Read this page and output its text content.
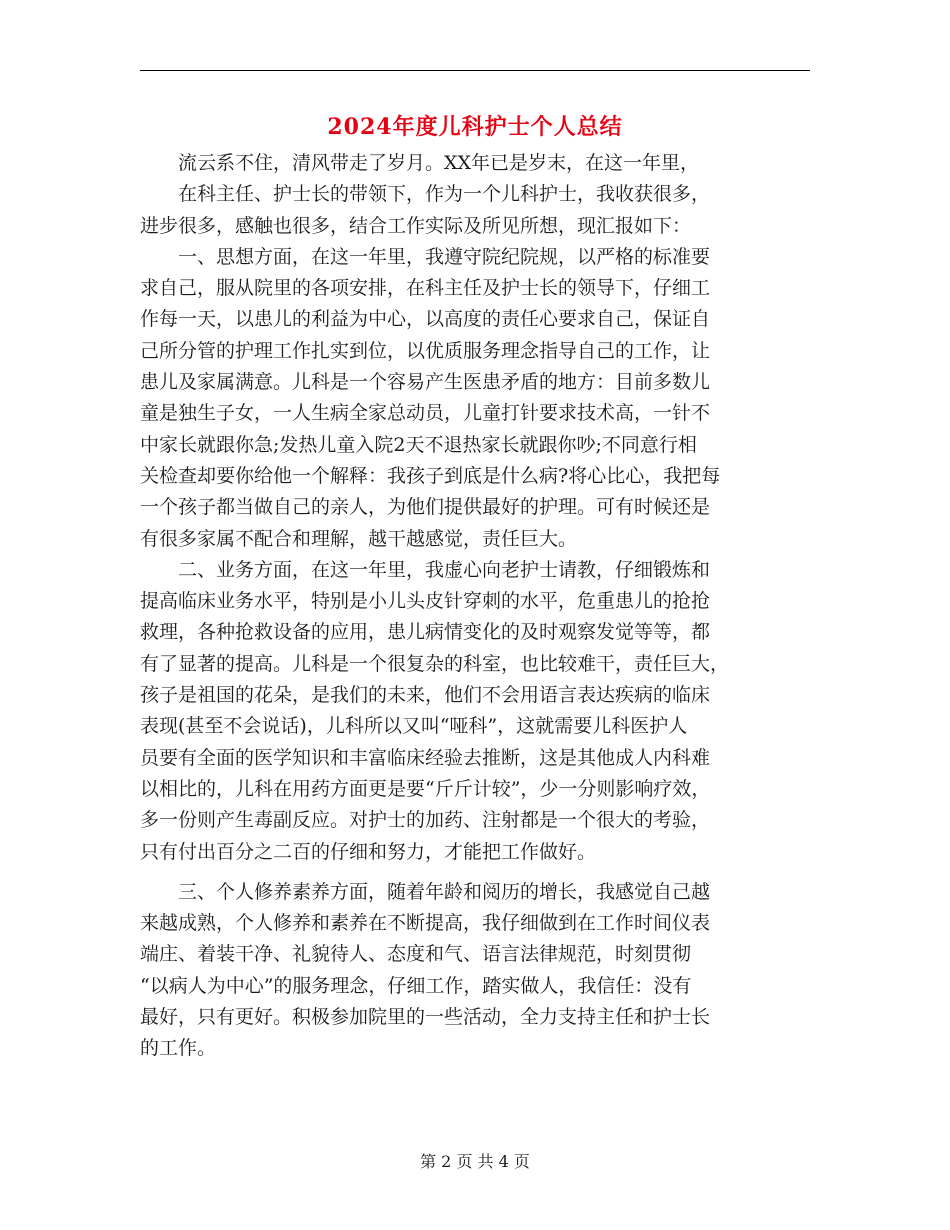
2024年度儿科护士个人总结
　　流云系不住，清风带走了岁月。XX年已是岁末，在这一年里，
　　在科主任、护士长的带领下，作为一个儿科护士，我收获很多，
进步很多，感触也很多，结合工作实际及所见所想，现汇报如下：
　　一、思想方面，在这一年里，我遵守院纪院规，以严格的标准要
求自己，服从院里的各项安排，在科主任及护士长的领导下，仔细工
作每一天，以患儿的利益为中心，以高度的责任心要求自己，保证自
己所分管的护理工作扎实到位，以优质服务理念指导自己的工作，让
患儿及家属满意。儿科是一个容易产生医患矛盾的地方：目前多数儿
童是独生子女，一人生病全家总动员，儿童打针要求技术高，一针不
中家长就跟你急;发热儿童入院2天不退热家长就跟你吵;不同意行相
关检查却要你给他一个解释：我孩子到底是什么病?将心比心，我把每
一个孩子都当做自己的亲人，为他们提供最好的护理。可有时候还是
有很多家属不配合和理解，越干越感觉，责任巨大。
　　二、业务方面，在这一年里，我虚心向老护士请教，仔细锻炼和
提高临床业务水平，特别是小儿头皮针穿刺的水平，危重患儿的抢抢
救理，各种抢救设备的应用，患儿病情变化的及时观察发觉等等，都
有了显著的提高。儿科是一个很复杂的科室，也比较难干，责任巨大，
孩子是祖国的花朵，是我们的未来，他们不会用语言表达疾病的临床
表现(甚至不会说话)，儿科所以又叫“哑科”，这就需要儿科医护人
员要有全面的医学知识和丰富临床经验去推断，这是其他成人内科难
以相比的，儿科在用药方面更是要“斤斤计较”，少一分则影响疗效，
多一份则产生毒副反应。对护士的加药、注射都是一个很大的考验，
只有付出百分之二百的仔细和努力，才能把工作做好。
　　三、个人修养素养方面，随着年龄和阅历的增长，我感觉自己越
来越成熟，个人修养和素养在不断提高，我仔细做到在工作时间仪表
端庄、着装干净、礼貌待人、态度和气、语言法律规范，时刻贯彻
“以病人为中心”的服务理念，仔细工作，踏实做人，我信任：没有
最好，只有更好。积极参加院里的一些活动，全力支持主任和护士长
的工作。
第 2 页 共 4 页
